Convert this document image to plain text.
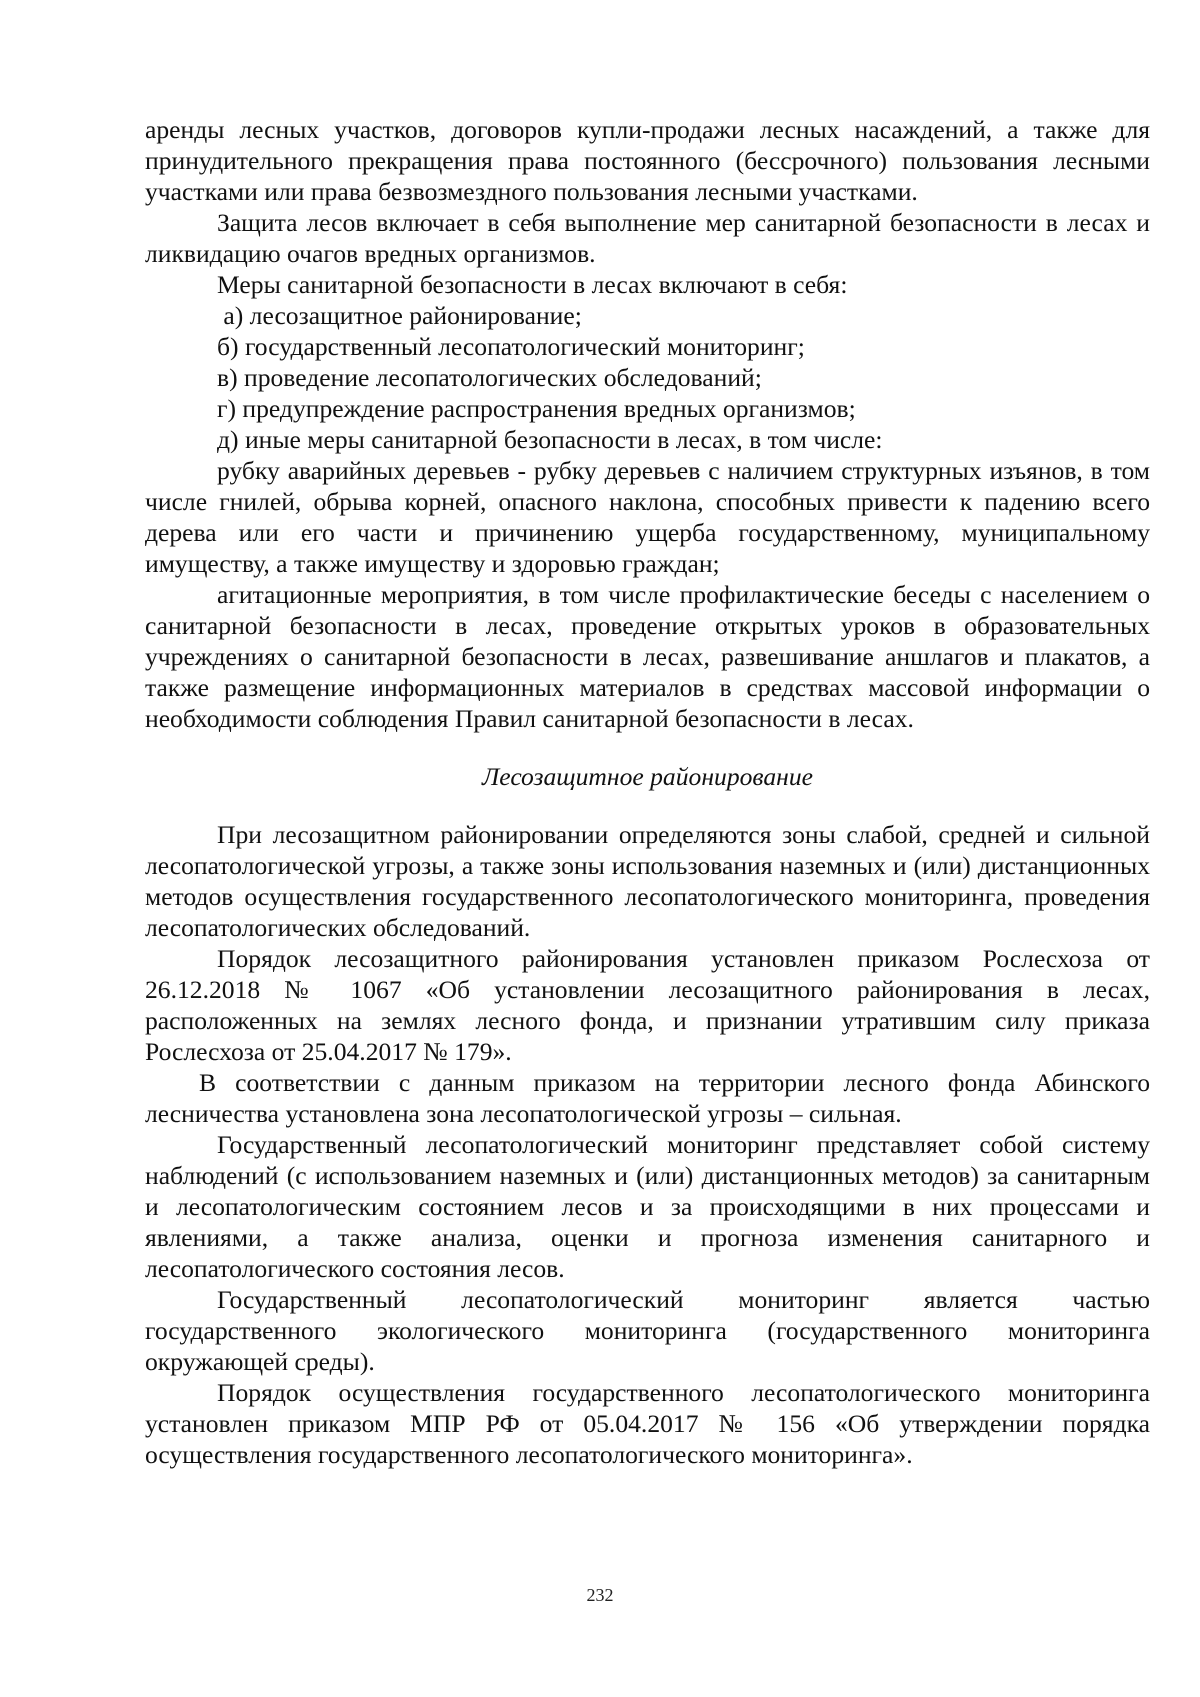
аренды лесных участков, договоров купли-продажи лесных насаждений, а также для принудительного прекращения права постоянного (бессрочного) пользования лесными участками или права безвозмездного пользования лесными участками.

Защита лесов включает в себя выполнение мер санитарной безопасности в лесах и ликвидацию очагов вредных организмов.

Меры санитарной безопасности в лесах включают в себя:

а) лесозащитное районирование;

б) государственный лесопатологический мониторинг;

в) проведение лесопатологических обследований;

г) предупреждение распространения вредных организмов;

д) иные меры санитарной безопасности в лесах, в том числе:

рубку аварийных деревьев - рубку деревьев с наличием структурных изъянов, в том числе гнилей, обрыва корней, опасного наклона, способных привести к падению всего дерева или его части и причинению ущерба государственному, муниципальному имуществу, а также имуществу и здоровью граждан;

агитационные мероприятия, в том числе профилактические беседы с населением о санитарной безопасности в лесах, проведение открытых уроков в образовательных учреждениях о санитарной безопасности в лесах, развешивание аншлагов и плакатов, а также размещение информационных материалов в средствах массовой информации о необходимости соблюдения Правил санитарной безопасности в лесах.

Лесозащитное районирование

При лесозащитном районировании определяются зоны слабой, средней и сильной лесопатологической угрозы, а также зоны использования наземных и (или) дистанционных методов осуществления государственного лесопатологического мониторинга, проведения лесопатологических обследований.

Порядок лесозащитного районирования установлен приказом Рослесхоза от 26.12.2018 № 1067 «Об установлении лесозащитного районирования в лесах, расположенных на землях лесного фонда, и признании утратившим силу приказа Рослесхоза от 25.04.2017 № 179».

В соответствии с данным приказом на территории лесного фонда Абинского лесничества установлена зона лесопатологической угрозы – сильная.

Государственный лесопатологический мониторинг представляет собой систему наблюдений (с использованием наземных и (или) дистанционных методов) за санитарным и лесопатологическим состоянием лесов и за происходящими в них процессами и явлениями, а также анализа, оценки и прогноза изменения санитарного и лесопатологического состояния лесов.

Государственный лесопатологический мониторинг является частью государственного экологического мониторинга (государственного мониторинга окружающей среды).

Порядок осуществления государственного лесопатологического мониторинга установлен приказом МПР РФ от 05.04.2017 № 156 «Об утверждении порядка осуществления государственного лесопатологического мониторинга».

232
